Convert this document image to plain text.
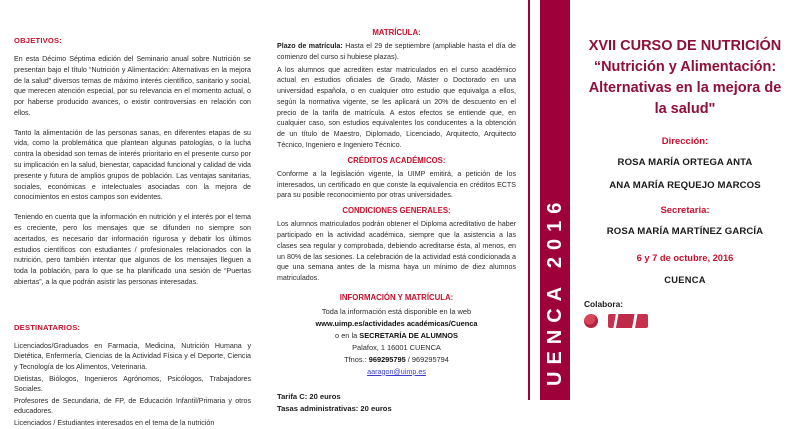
OBJETIVOS:
En esta Décimo Séptima edición del Seminario anual sobre Nutrición se presentan bajo el título “Nutrición y Alimentación: Alternativas en la mejora de la salud” diversos temas de máximo interés científico, sanitario y social, que merecen atención especial, por su relevancia en el momento actual, o por haberse producido avances, o existir controversias en relación con ellos.
Tanto la alimentación de las personas sanas, en diferentes etapas de su vida, como la problemática que plantean algunas patologías, o la lucha contra la obesidad son temas de interés prioritario en el presente curso por su implicación en la salud, bienestar, capacidad funcional y calidad de vida presente y futura de amplios grupos de población. Las ventajas sanitarias, sociales, económicas e intelectuales asociadas con la mejora de conocimientos en estos campos son evidentes.
Teniendo en cuenta que la información en nutrición y el interés por el tema es creciente, pero los mensajes que se difunden no siempre son acertados, es necesario dar información rigurosa y debatir los últimos estudios científicos con estudiantes / profesionales relacionados con la nutrición, pero también intentar que algunos de los mensajes lleguen a toda la población, para lo que se ha planificado una sesión de “Puertas abiertas”, a la que podrán asistir las personas interesadas.
DESTINATARIOS:
Licenciados/Graduados en Farmacia, Medicina, Nutrición Humana y Dietética, Enfermería, Ciencias de la Actividad Física y el Deporte, Ciencia y Tecnología de los Alimentos, Veterinaria.
Dietistas, Biólogos, Ingenieros Agrónomos, Psicólogos, Trabajadores Sociales.
Profesores de Secundaria, de FP, de Educación Infantil/Primaria y otros educadores.
Licenciados / Estudiantes interesados en el tema de la nutrición
MATRÍCULA:
Plazo de matrícula: Hasta el 29 de septiembre (ampliable hasta el día de comienzo del curso si hubiese plazas).
A los alumnos que acrediten estar matriculados en el curso académico actual en estudios oficiales de Grado, Máster o Doctorado en una universidad española, o en cualquier otro estudio que equivalga a ellos, según la normativa vigente, se les aplicará un 20% de descuento en el precio de la tarifa de matrícula. A estos efectos se entiende que, en cualquier caso, son estudios equivalentes los conducentes a la obtención de un título de Maestro, Diplomado, Licenciado, Arquitecto, Arquitecto Técnico, Ingeniero e Ingeniero Técnico.
CRÉDITOS ACADÉMICOS:
Conforme a la legislación vigente, la UIMP emitirá, a petición de los interesados, un certificado en que conste la equivalencia en créditos ECTS para su posible reconocimiento por otras universidades.
CONDICIONES GENERALES:
Los alumnos matriculados podrán obtener el Diploma acreditativo de haber participado en la actividad académica, siempre que la asistencia a las clases sea regular y comprobada, debiendo acreditarse ésta, al menos, en un 80% de las sesiones. La celebración de la actividad está condicionada a que una semana antes de la misma haya un mínimo de diez alumnos matriculados.
INFORMACIÓN Y MATRÍCULA:
Toda la información está disponible en la web
www.uimp.es/actividades académicas/Cuenca
o en la SECRETARÍA DE ALUMNOS
Palafox, 1 16001 CUENCA
Tfnos.: 969295795 / 969295794
aaragon@uimp.es
Tarifa C: 20 euros
Tasas administrativas: 20 euros
UENCA 2016
XVII CURSO DE NUTRICIÓN “Nutrición y Alimentación: Alternativas en la mejora de la salud"
Dirección:
ROSA MARÍA ORTEGA ANTA
ANA MARÍA REQUEJO MARCOS
Secretaria:
ROSA MARÍA MARTÍNEZ GARCÍA
6 y 7 de octubre, 2016
CUENCA
Colabora:
